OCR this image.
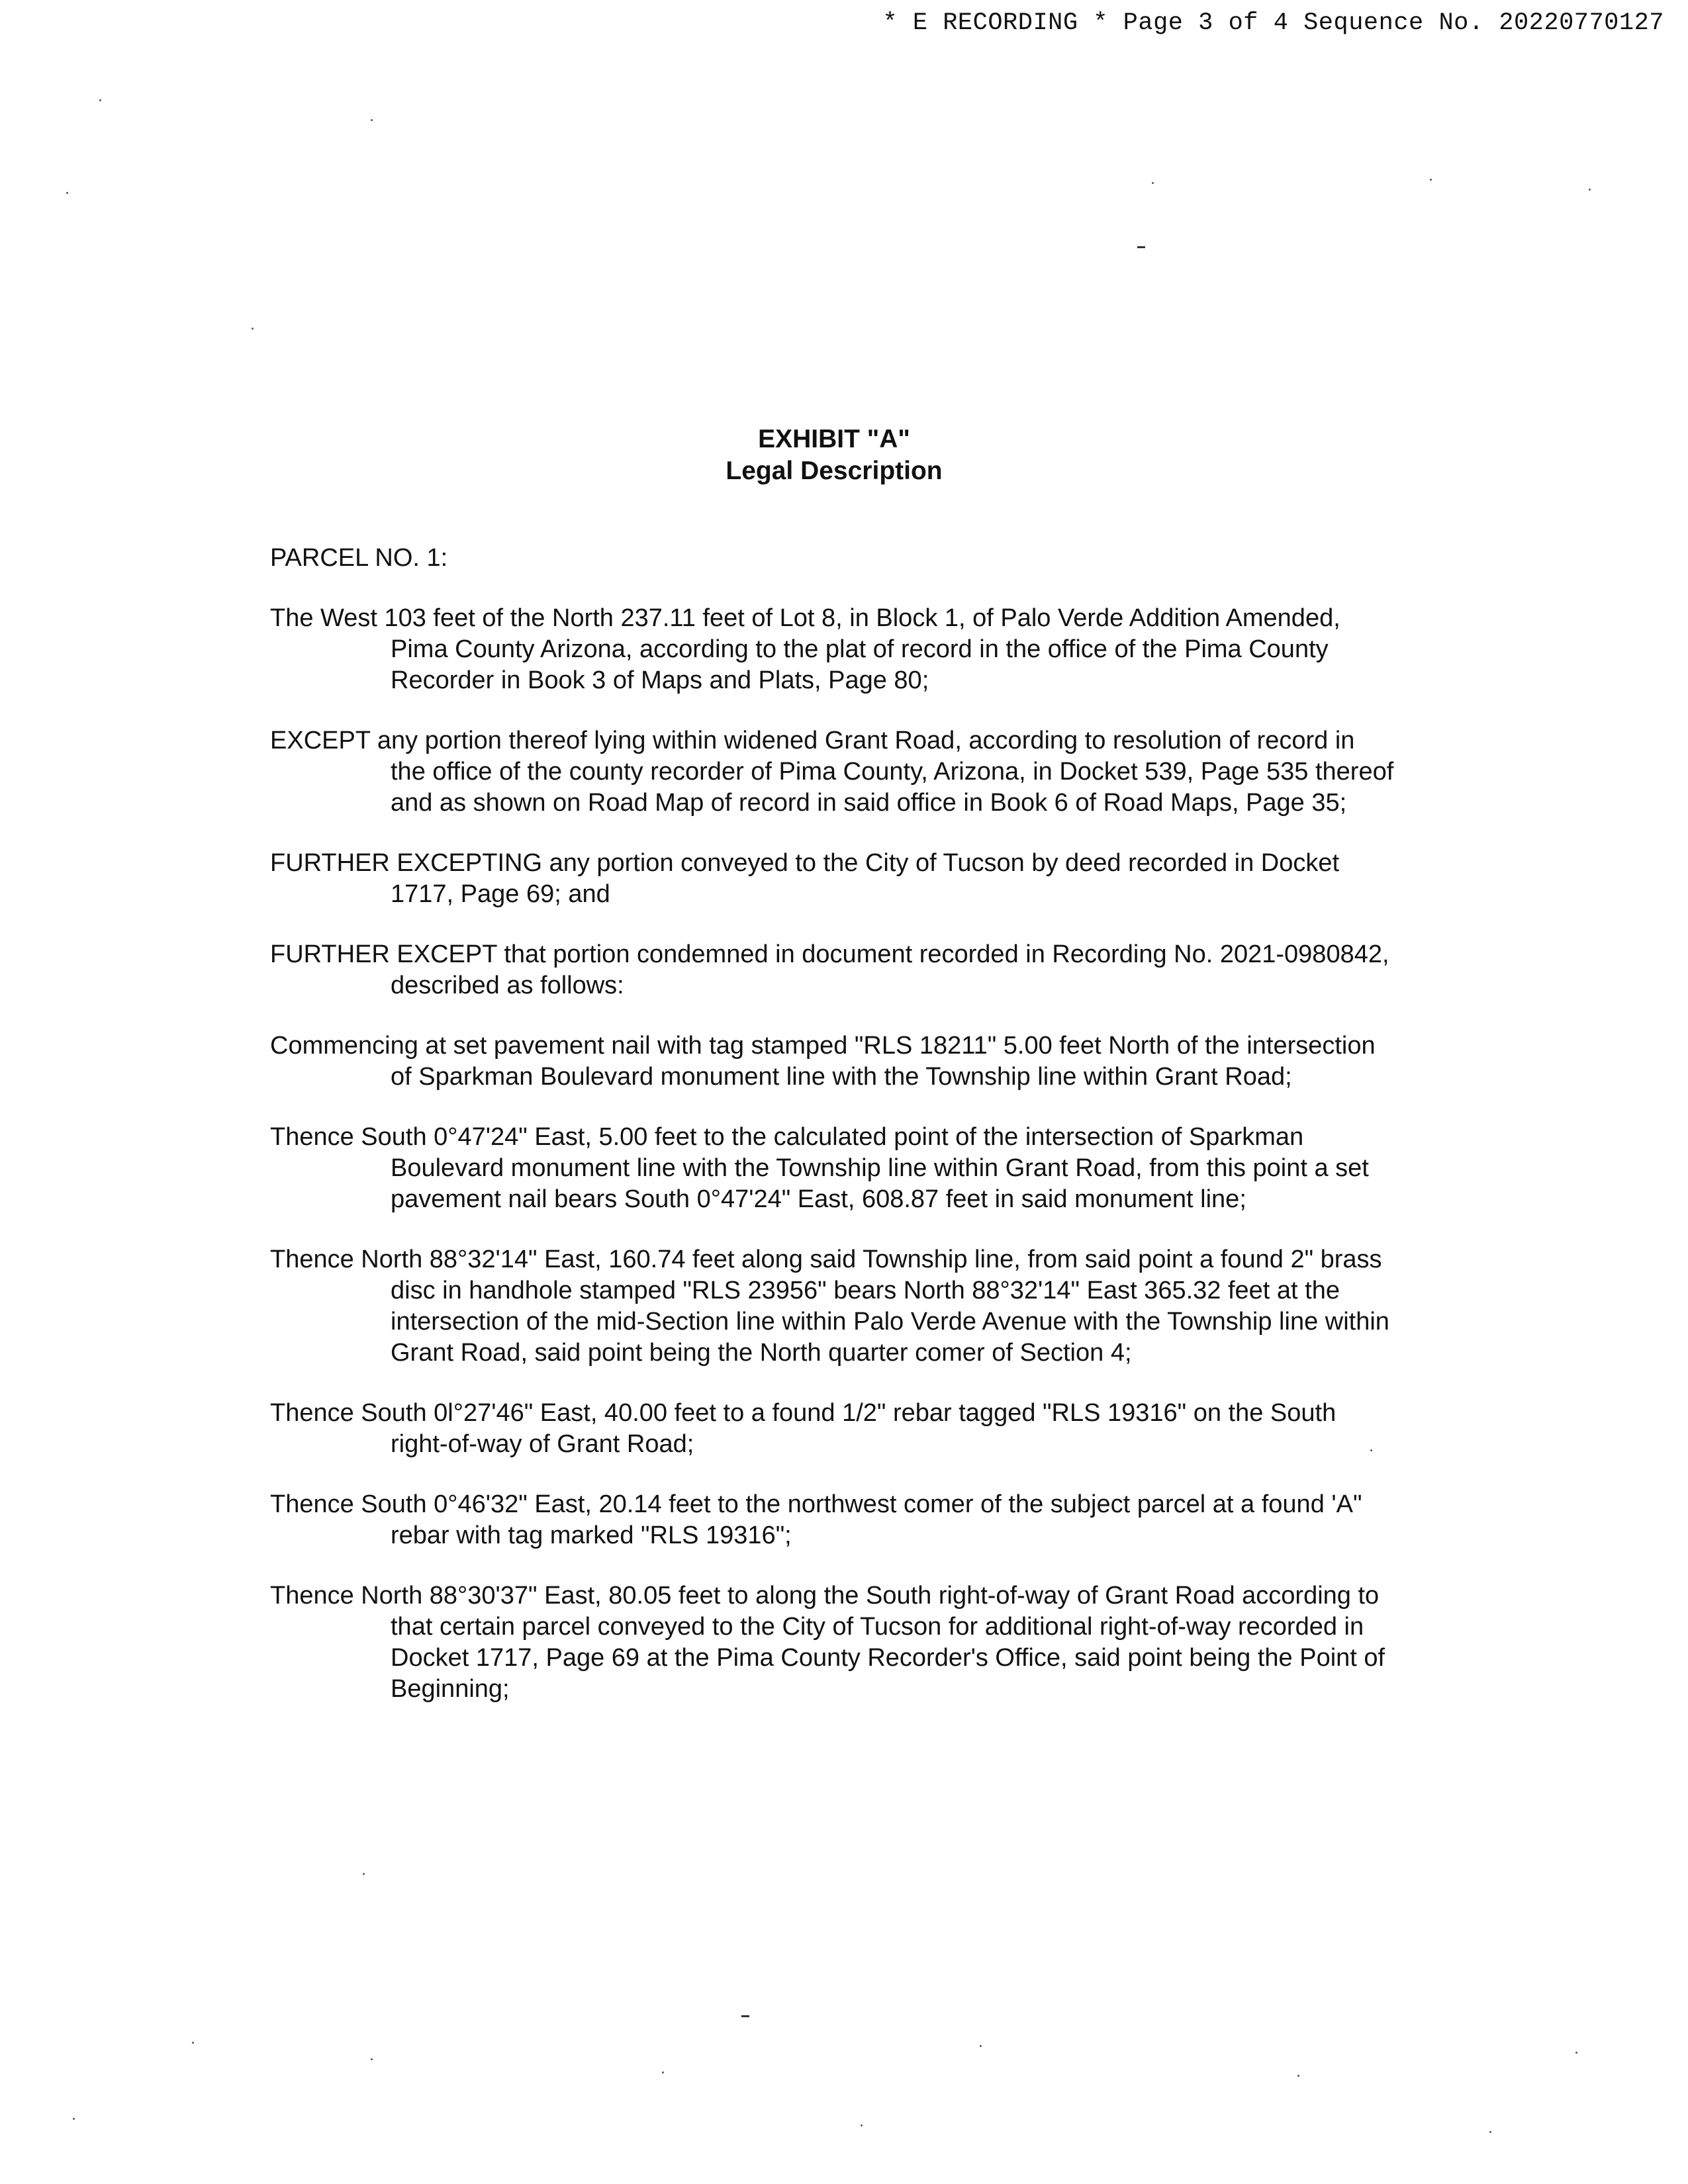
* E RECORDING * Page 3 of 4 Sequence No. 20220770127
EXHIBIT "A"
Legal Description
PARCEL NO. 1:
The West 103 feet of the North 237.11 feet of Lot 8, in Block 1, of Palo Verde Addition Amended, Pima County Arizona, according to the plat of record in the office of the Pima County Recorder in Book 3 of Maps and Plats, Page 80;
EXCEPT any portion thereof lying within widened Grant Road, according to resolution of record in the office of the county recorder of Pima County, Arizona, in Docket 539, Page 535 thereof and as shown on Road Map of record in said office in Book 6 of Road Maps, Page 35;
FURTHER EXCEPTING any portion conveyed to the City of Tucson by deed recorded in Docket 1717, Page 69; and
FURTHER EXCEPT that portion condemned in document recorded in Recording No. 2021-0980842, described as follows:
Commencing at set pavement nail with tag stamped "RLS 18211" 5.00 feet North of the intersection of Sparkman Boulevard monument line with the Township line within Grant Road;
Thence South 0°47'24" East, 5.00 feet to the calculated point of the intersection of Sparkman Boulevard monument line with the Township line within Grant Road, from this point a set pavement nail bears South 0°47'24" East, 608.87 feet in said monument line;
Thence North 88°32'14" East, 160.74 feet along said Township line, from said point a found 2" brass disc in handhole stamped "RLS 23956" bears North 88°32'14" East 365.32 feet at the intersection of the mid-Section line within Palo Verde Avenue with the Township line within Grant Road, said point being the North quarter comer of Section 4;
Thence South 0l°27'46" East, 40.00 feet to a found 1/2" rebar tagged "RLS 19316" on the South right-of-way of Grant Road;
Thence South 0°46'32" East, 20.14 feet to the northwest comer of the subject parcel at a found 'A" rebar with tag marked "RLS 19316";
Thence North 88°30'37" East, 80.05 feet to along the South right-of-way of Grant Road according to that certain parcel conveyed to the City of Tucson for additional right-of-way recorded in Docket 1717, Page 69 at the Pima County Recorder's Office, said point being the Point of Beginning;
